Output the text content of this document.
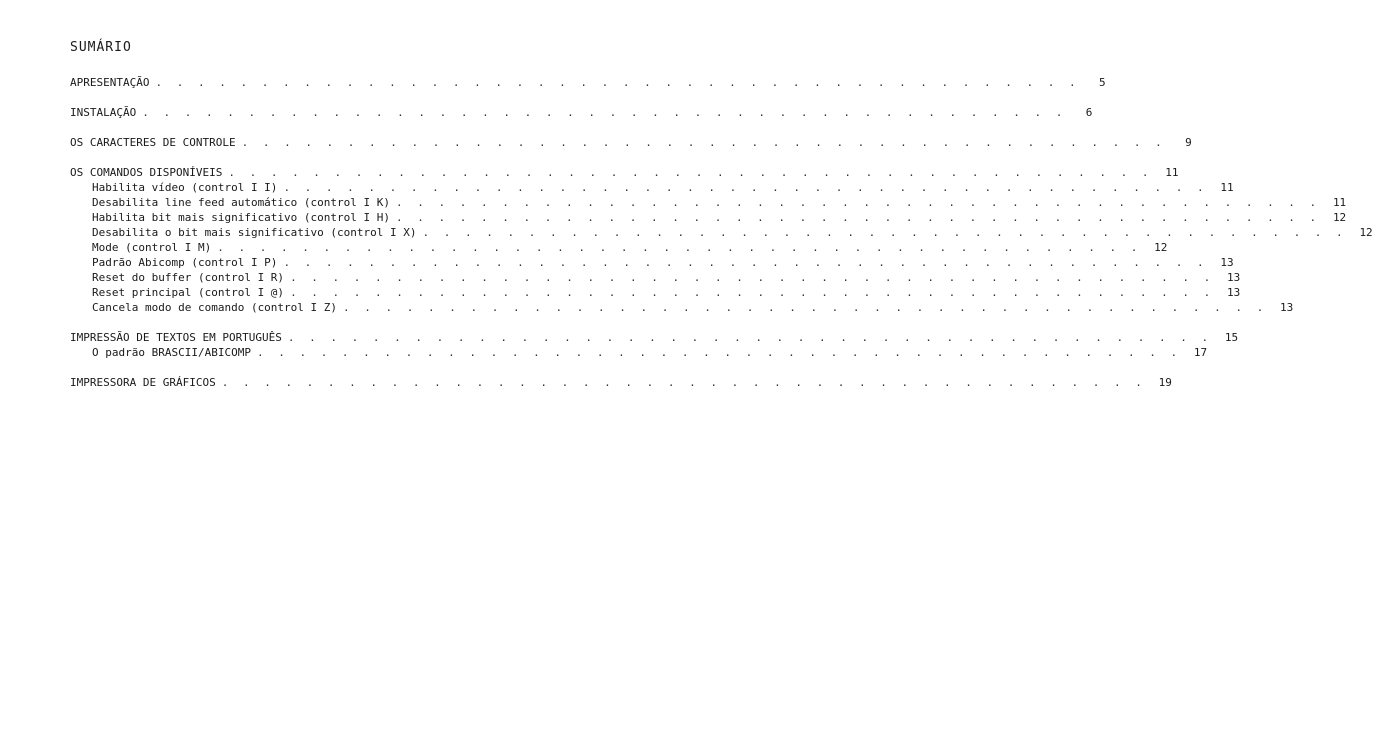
SUMÁRIO
APRESENTAÇÃO . . . . . . . . . . . . . . . . . . . . . . . . . . . . . . . . . . . . . . . . . . . .	5
INSTALAÇÃO . . . . . . . . . . . . . . . . . . . . . . . . . . . . . . . . . . . . . . . . . . . .	6
OS CARACTERES DE CONTROLE . . . . . . . . . . . . . . . . . . . . . . . . . . . . . . . . . . . . . . . . . . . .	9
OS COMANDOS DISPONÍVEIS . . . . . . . . . . . . . . . . . . . . . . . . . . . . . . . . . . . . . . . . . . . .	11
Habilita vídeo (control I I) . . . . . . . . . . . . . . . . . . . . . . . . . . . . . . . . . . . . . . . . . . . .	11
Desabilita line feed automático (control I K) . . . . . . . . . . . . . . . . . . . . . . . . . . . . . . . . . . . . . . . . . . . .	11
Habilita bit mais significativo (control I H) . . . . . . . . . . . . . . . . . . . . . . . . . . . . . . . . . . . . . . . . . . . .	12
Desabilita o bit mais significativo (control I X) . . . . . . . . . . . . . . . . . . . . . . . . . . . . . . . . . . . . . . . . . . . .	12
Mode (control I M) . . . . . . . . . . . . . . . . . . . . . . . . . . . . . . . . . . . . . . . . . . . .	12
Padrão Abicomp (control I P) . . . . . . . . . . . . . . . . . . . . . . . . . . . . . . . . . . . . . . . . . . . .	13
Reset do buffer (control I R) . . . . . . . . . . . . . . . . . . . . . . . . . . . . . . . . . . . . . . . . . . . .	13
Reset principal (control I @) . . . . . . . . . . . . . . . . . . . . . . . . . . . . . . . . . . . . . . . . . . . .	13
Cancela modo de comando (control I Z) . . . . . . . . . . . . . . . . . . . . . . . . . . . . . . . . . . . . . . . . . . . .	13
IMPRESSÃO DE TEXTOS EM PORTUGUÊS . . . . . . . . . . . . . . . . . . . . . . . . . . . . . . . . . . . . . . . . . . . .	15
O padrão BRASCII/ABICOMP . . . . . . . . . . . . . . . . . . . . . . . . . . . . . . . . . . . . . . . . . . . .	17
IMPRESSORA DE GRÁFICOS . . . . . . . . . . . . . . . . . . . . . . . . . . . . . . . . . . . . . . . . . . . .	19
